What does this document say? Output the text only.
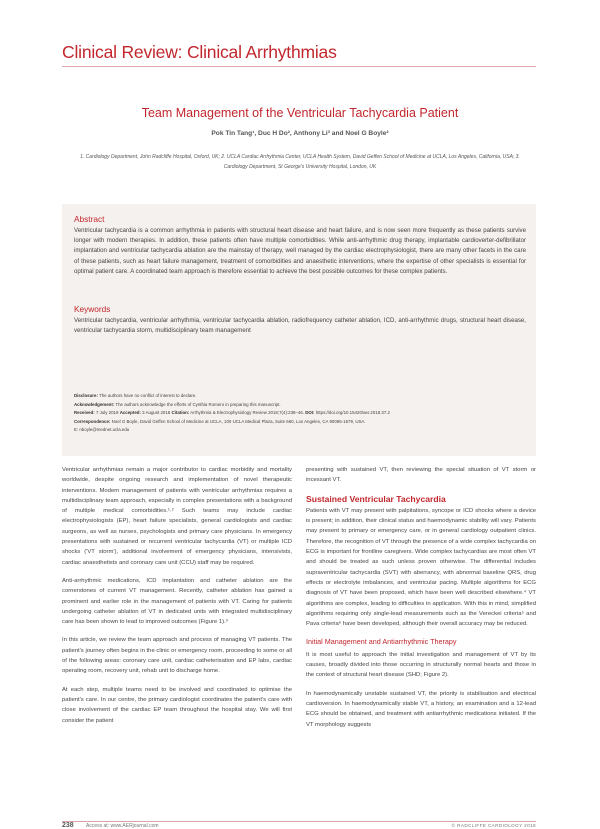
Clinical Review: Clinical Arrhythmias
Team Management of the Ventricular Tachycardia Patient
Pok Tin Tang¹, Duc H Do², Anthony Li³ and Noel G Boyle²
1. Cardiology Department, John Radcliffe Hospital, Oxford, UK; 2. UCLA Cardiac Arrhythmia Center, UCLA Health System, David Geffen School of Medicine at UCLA, Los Angeles, California, USA; 3. Cardiology Department, St George's University Hospital, London, UK
Abstract
Ventricular tachycardia is a common arrhythmia in patients with structural heart disease and heart failure, and is now seen more frequently as these patients survive longer with modern therapies. In addition, these patients often have multiple comorbidities. While anti-arrhythmic drug therapy, implantable cardioverter-defibrillator implantation and ventricular tachycardia ablation are the mainstay of therapy, well managed by the cardiac electrophysiologist, there are many other facets in the care of these patients, such as heart failure management, treatment of comorbidities and anaesthetic interventions, where the expertise of other specialists is essential for optimal patient care. A coordinated team approach is therefore essential to achieve the best possible outcomes for these complex patients.
Keywords
Ventricular tachycardia, ventricular arrhythmia, ventricular tachycardia ablation, radiofrequency catheter ablation, ICD, anti-arrhythmic drugs, structural heart disease, ventricular tachycardia storm, multidisciplinary team management
Disclosure: The authors have no conflict of interest to declare.
Acknowledgement: The authors acknowledge the efforts of Cynthia Romero in preparing this manuscript.
Received: 7 July 2018 Accepted: 3 August 2018 Citation: Arrhythmia & Electrophysiology Review 2018;7(4):238–46. DOI: https://doi.org/10.15420/aer.2018.37.2
Correspondence: Noel G Boyle, David Geffen School of Medicine at UCLA, 100 UCLA Medical Plaza, Suite 660, Los Angeles, CA 90095-1679, USA.
E: nboyle@mednet.ucla.edu

Ventricular arrhythmias remain a major contributor to cardiac morbidity and mortality worldwide, despite ongoing research and implementation of novel therapeutic interventions. Modern management of patients with ventricular arrhythmias requires a multidisciplinary team approach, especially in complex presentations with a background of multiple medical comorbidities.¹˒² Such teams may include cardiac electrophysiologists (EP), heart failure specialists, general cardiologists and cardiac surgeons, as well as nurses, psychologists and primary care physicians. In emergency presentations with sustained or recurrent ventricular tachycardia (VT) or multiple ICD shocks ('VT storm'), additional involvement of emergency physicians, intensivists, cardiac anaesthetists and coronary care unit (CCU) staff may be required.

Anti-arrhythmic medications, ICD implantation and catheter ablation are the cornerstones of current VT management. Recently, catheter ablation has gained a prominent and earlier role in the management of patients with VT. Caring for patients undergoing catheter ablation of VT in dedicated units with integrated multidisciplinary care has been shown to lead to improved outcomes (Figure 1).³

In this article, we review the team approach and process of managing VT patients. The patient's journey often begins in the clinic or emergency room, proceeding to some or all of the following areas: coronary care unit, cardiac catheterisation and EP labs, cardiac operating room, recovery unit, rehab unit to discharge home.

At each step, multiple teams need to be involved and coordinated to optimise the patient's care. In our centre, the primary cardiologist coordinates the patient's care with close involvement of the cardiac EP team throughout the hospital stay. We will first consider the patient

presenting with sustained VT, then reviewing the special situation of VT storm or incessant VT.

Sustained Ventricular Tachycardia

Patients with VT may present with palpitations, syncope or ICD shocks where a device is present; in addition, their clinical status and haemodynamic stability will vary. Patients may present to primary or emergency care, or in general cardiology outpatient clinics. Therefore, the recognition of VT through the presence of a wide complex tachycardia on ECG is important for frontline caregivers. Wide complex tachycardias are most often VT and should be treated as such unless proven otherwise. The differential includes supraventricular tachycardia (SVT) with aberrancy, with abnormal baseline QRS, drug effects or electrolyte imbalances, and ventricular pacing. Multiple algorithms for ECG diagnosis of VT have been proposed, which have been well described elsewhere.⁴ VT algorithms are complex, leading to difficulties in application. With this in mind, simplified algorithms requiring only single-lead measurements such as the Vereckei criteria⁵ and Pava criteria⁶ have been developed, although their overall accuracy may be reduced.

Initial Management and Antiarrhythmic Therapy

It is most useful to approach the initial investigation and management of VT by its causes, broadly divided into those occurring in structurally normal hearts and those in the context of structural heart disease (SHD; Figure 2).

In haemodynamically unstable sustained VT, the priority is stabilisation and electrical cardioversion. In haemodynamically stable VT, a history, an examination and a 12-lead ECG should be obtained, and treatment with antiarrhythmic medications initiated. If the VT morphology suggests

238 Access at: www.AERjournal.com	© RADCLIFFE CARDIOLOGY 2018
